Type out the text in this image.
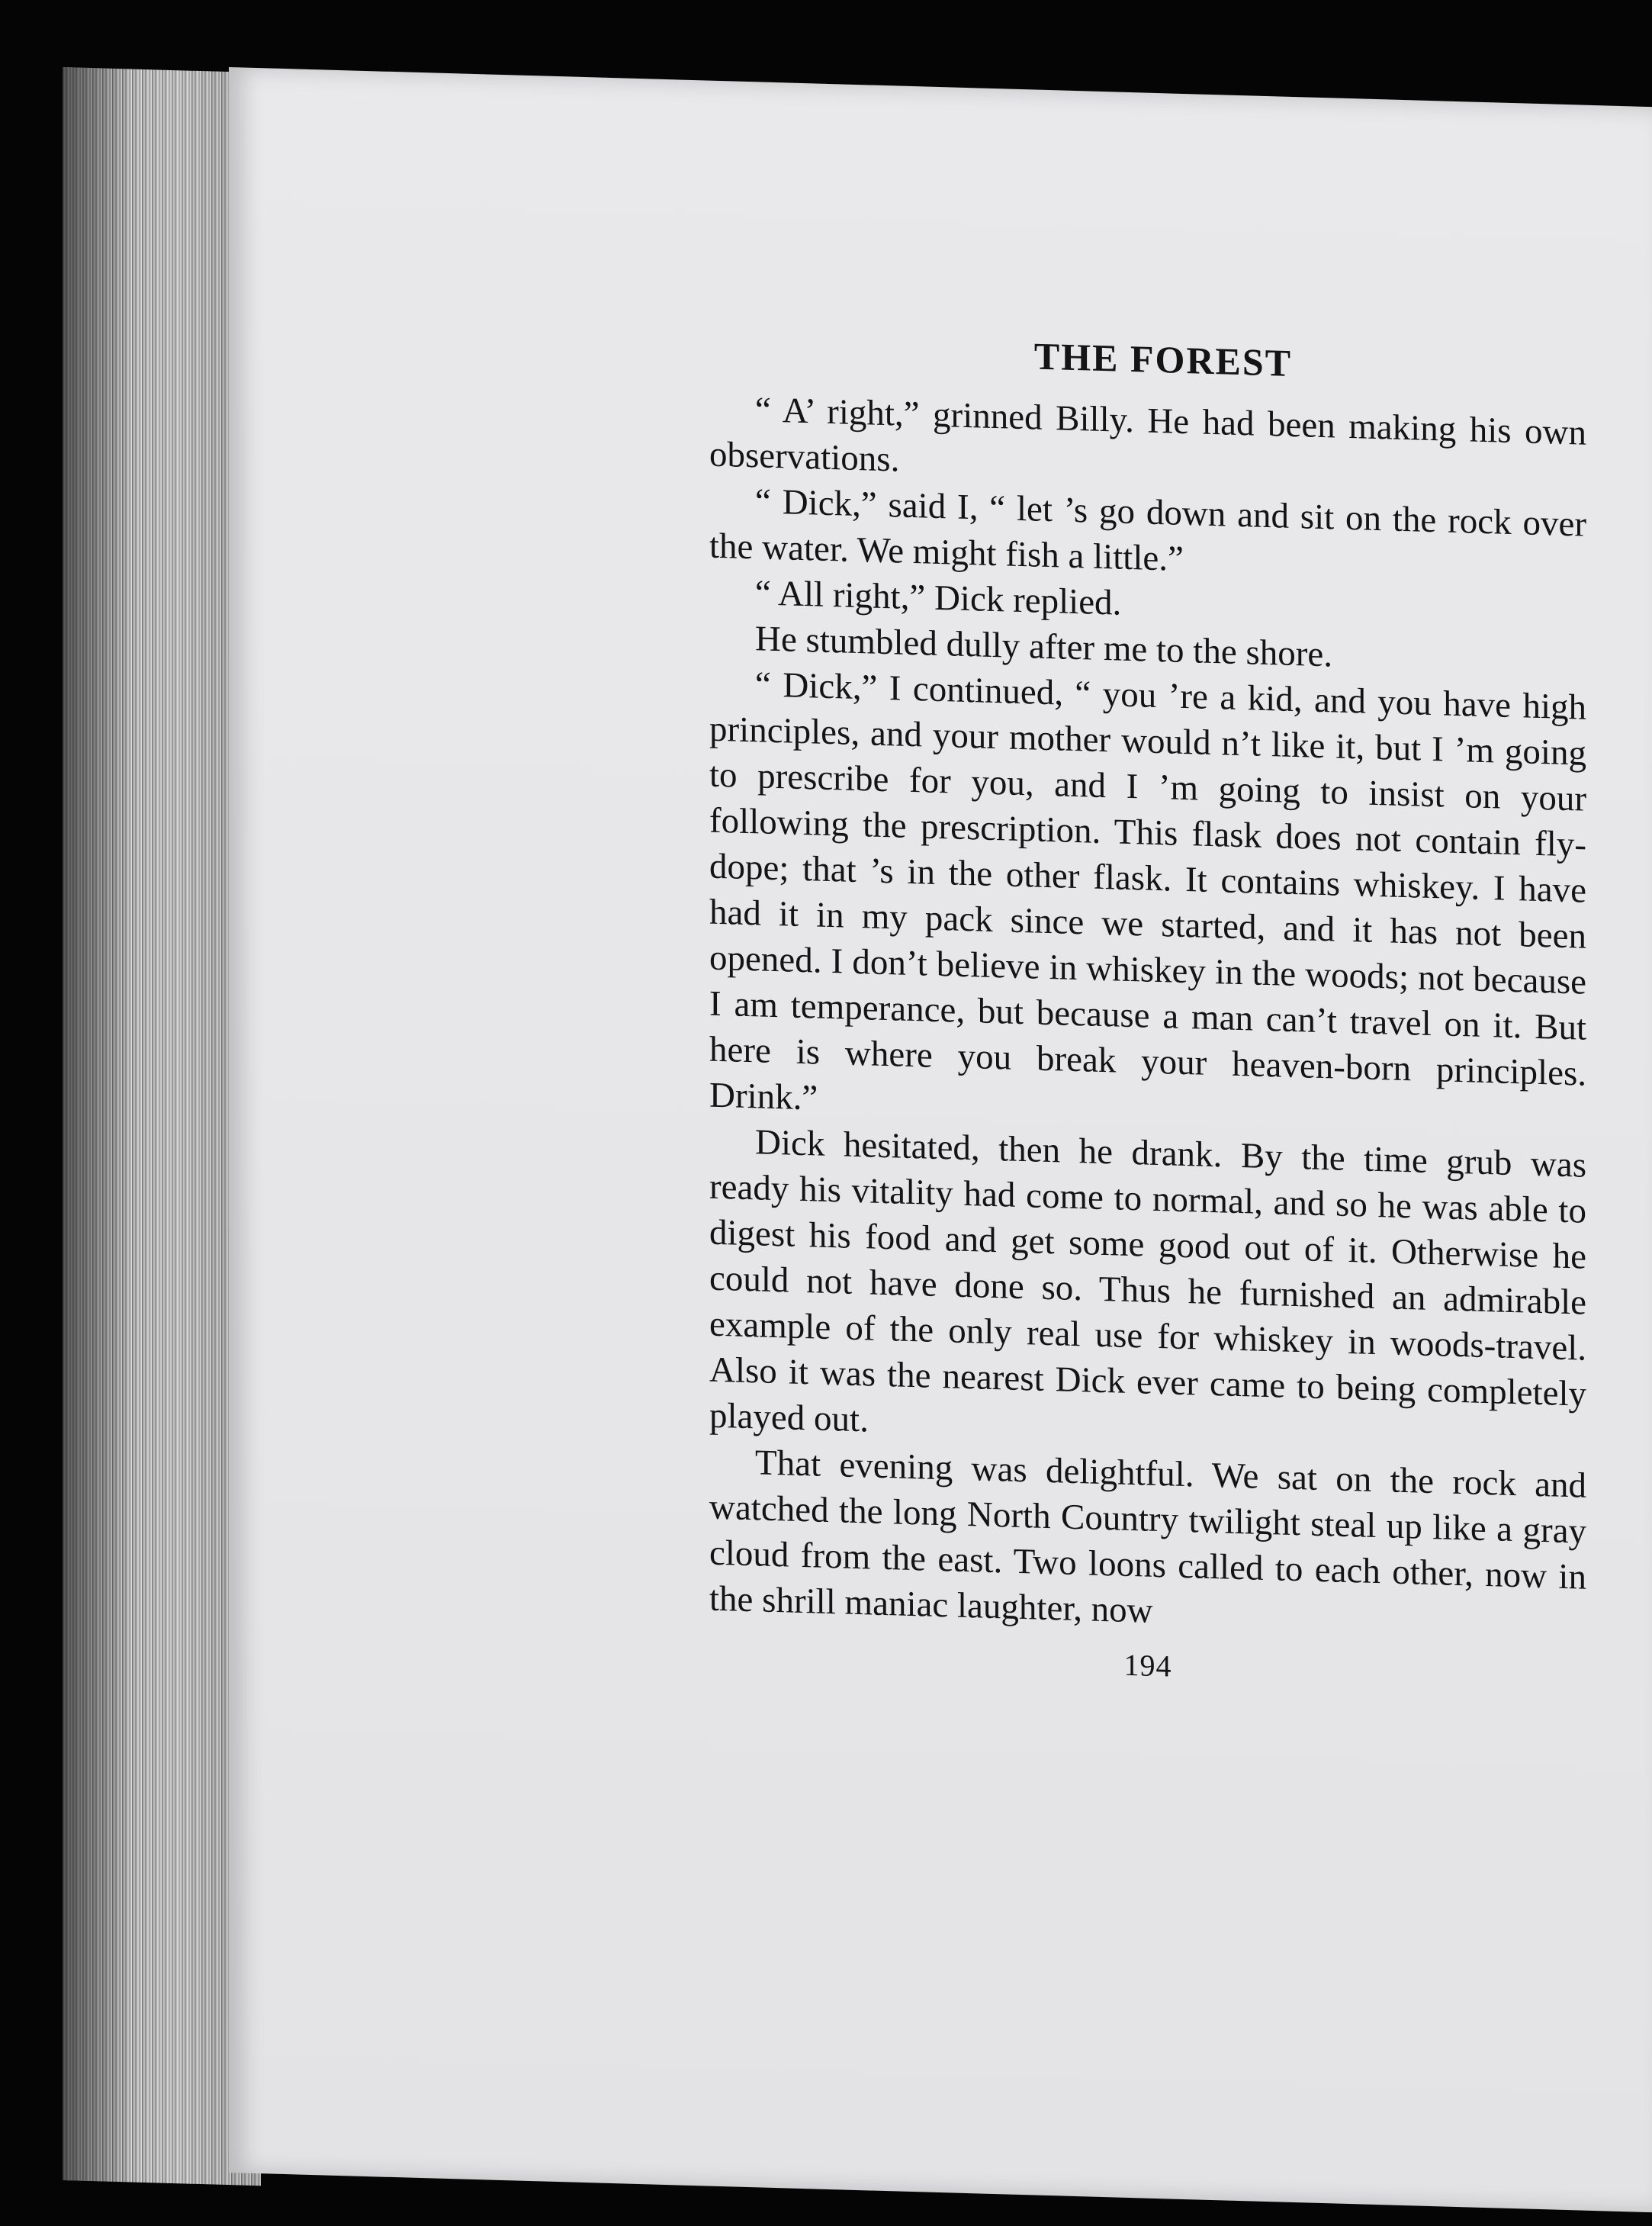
THE FOREST

“ A’ right,” grinned Billy. He had been making his own observations.

“ Dick,” said I, “ let ’s go down and sit on the rock over the water. We might fish a little.”

“ All right,” Dick replied.

He stumbled dully after me to the shore.

“ Dick,” I continued, “ you ’re a kid, and you have high principles, and your mother would n’t like it, but I ’m going to prescribe for you, and I ’m going to insist on your following the prescription. This flask does not contain fly-dope; that ’s in the other flask. It contains whiskey. I have had it in my pack since we started, and it has not been opened. I don’t believe in whiskey in the woods; not because I am temperance, but because a man can’t travel on it. But here is where you break your heaven-born principles. Drink.”

Dick hesitated, then he drank. By the time grub was ready his vitality had come to normal, and so he was able to digest his food and get some good out of it. Otherwise he could not have done so. Thus he furnished an admirable example of the only real use for whiskey in woods-travel. Also it was the nearest Dick ever came to being completely played out.

That evening was delightful. We sat on the rock and watched the long North Country twilight steal up like a gray cloud from the east. Two loons called to each other, now in the shrill maniac laughter, now

194
